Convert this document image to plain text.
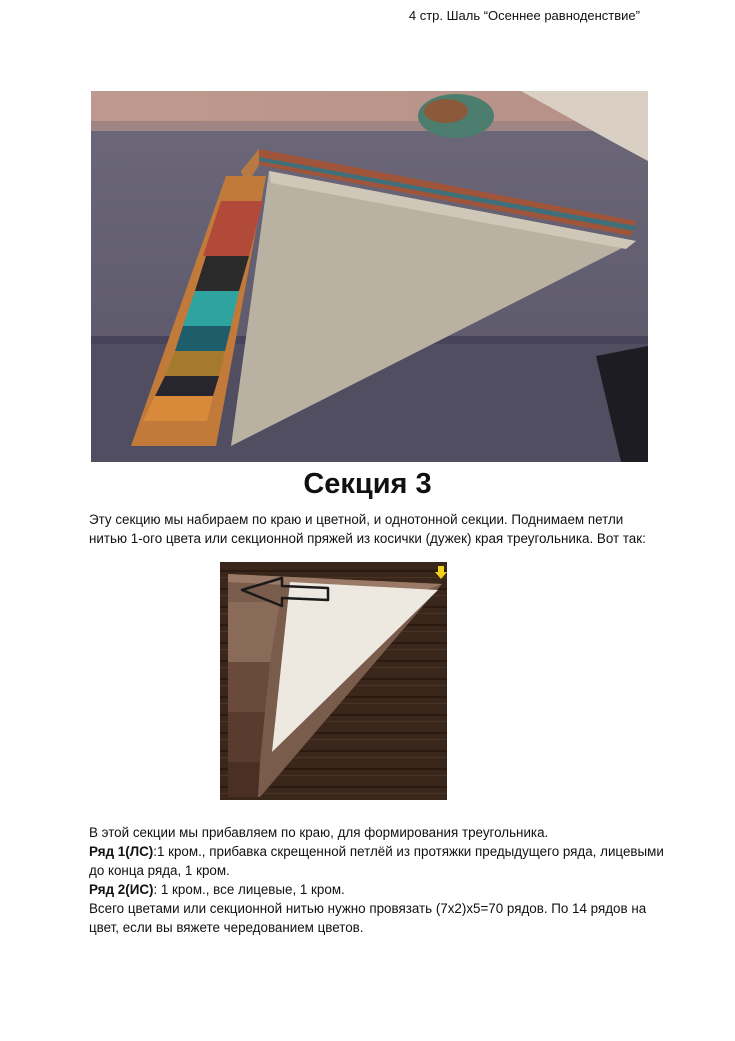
4 стр. Шаль “Осеннее равноденствие”
Секция 3
Эту секцию мы набираем по краю и цветной, и однотонной секции. Поднимаем петли нитью 1-ого цвета или секционной пряжей из косички (дужек) края треугольника. Вот так:
В этой секции мы прибавляем по краю, для формирования треугольника.
Ряд 1(ЛС):1 кром., прибавка скрещенной петлёй из протяжки предыдущего ряда, лицевыми до конца ряда, 1 кром.
Ряд 2(ИС): 1 кром., все лицевые, 1 кром.
Всего цветами или секционной нитью нужно провязать (7х2)х5=70 рядов. По 14 рядов на цвет, если вы вяжете чередованием цветов.
